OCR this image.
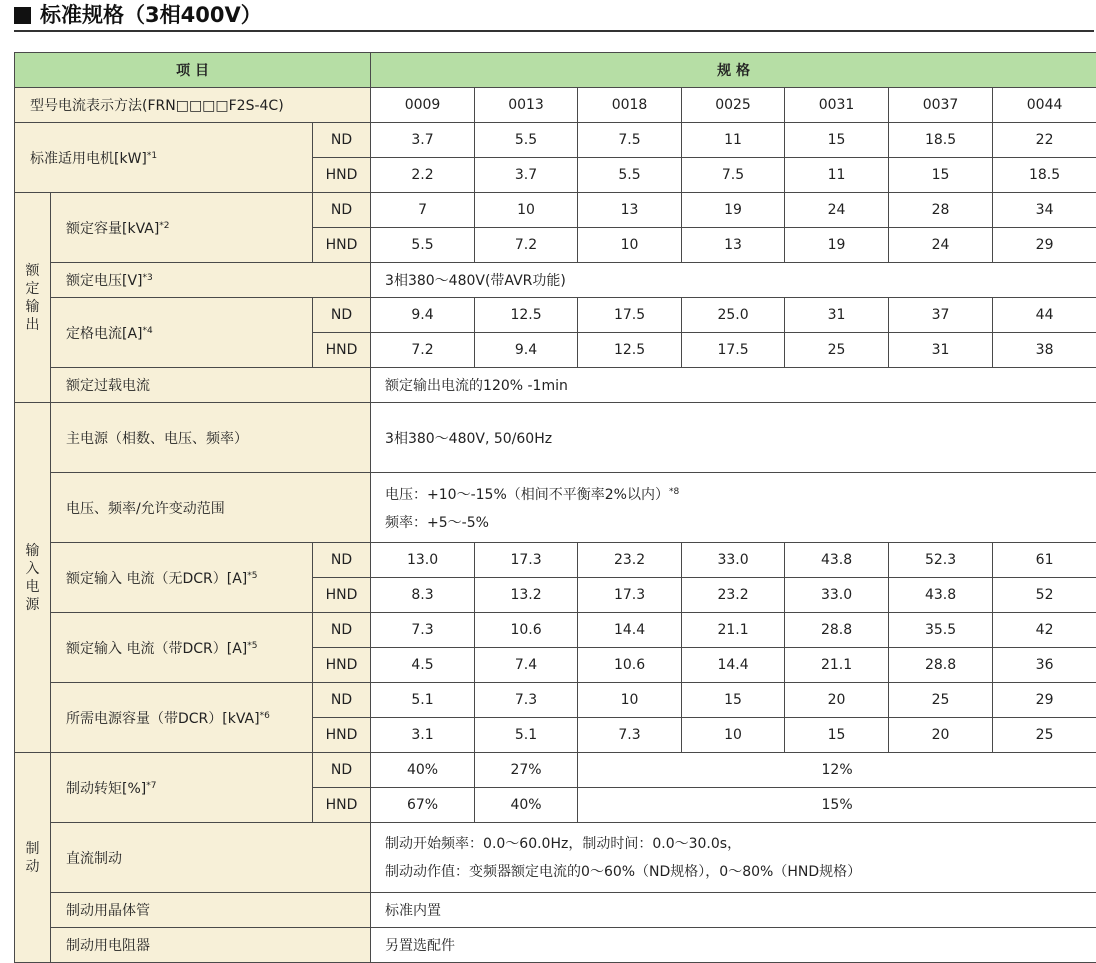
标准规格（3相400V）
项 目			规 格						
型号电流表示方法(FRN□□□□F2S-4C)			0009	0013	0018	0025	0031	0037	0044
标准适用电机[kW]$^{*1}$		ND	3.7	5.5	7.5	11	15	18.5	22
		HND	2.2	3.7	5.5	7.5	11	15	18.5
额定输出	额定容量[kVA]$^{*2}$	ND	7	10	13	19	24	28	34
		HND	5.5	7.2	10	13	19	24	29
	额定电压$[V]^{*3}$		3相380～480V(带AVR功能)						
	定格电流$[A]^{*4}$	ND	9.4	12.5	17.5	25.0	31	37	44
		HND	7.2	9.4	12.5	17.5	25	31	38
	额定过载电流		额定输出电流的120% -1min						
输入电源	主电源（相数、电压、频率）		3相380～480V, 50/60Hz						
	电压、频率/允许变动范围		电压：+10～-15%（相间不平衡率2%以内）$^{*8}$
频率：+5～-5%						
	额定输入 电流（无$DCR)[A]^{*5}$	ND	13.0	17.3	23.2	33.0	43.8	52.3	61
		HND	8.3	13.2	17.3	23.2	33.0	43.8	52
	额定输入 电流（带$DCR)[A]^{*5}$	ND	7.3	10.6	14.4	21.1	28.8	35.5	42
		HND	4.5	7.4	10.6	14.4	21.1	28.8	36
	所需电源容量（带DCR）[kVA]$^{*6}$	ND	5.1	7.3	10	15	20	25	29
		HND	3.1	5.1	7.3	10	15	20	25
制动	制动转矩[%]$^{*7}$	ND	40%	27%	12%				
		HND	67%	40%	15%				
	直流制动		制动开始频率：0.0～60.0Hz，制动时间：0.0～30.0s，
制动动作值：变频器额定电流的0～60%（ND规格），0～80%（HND规格）						
	制动用晶体管		标准内置						
	制动用电阻器		另置选配件						
